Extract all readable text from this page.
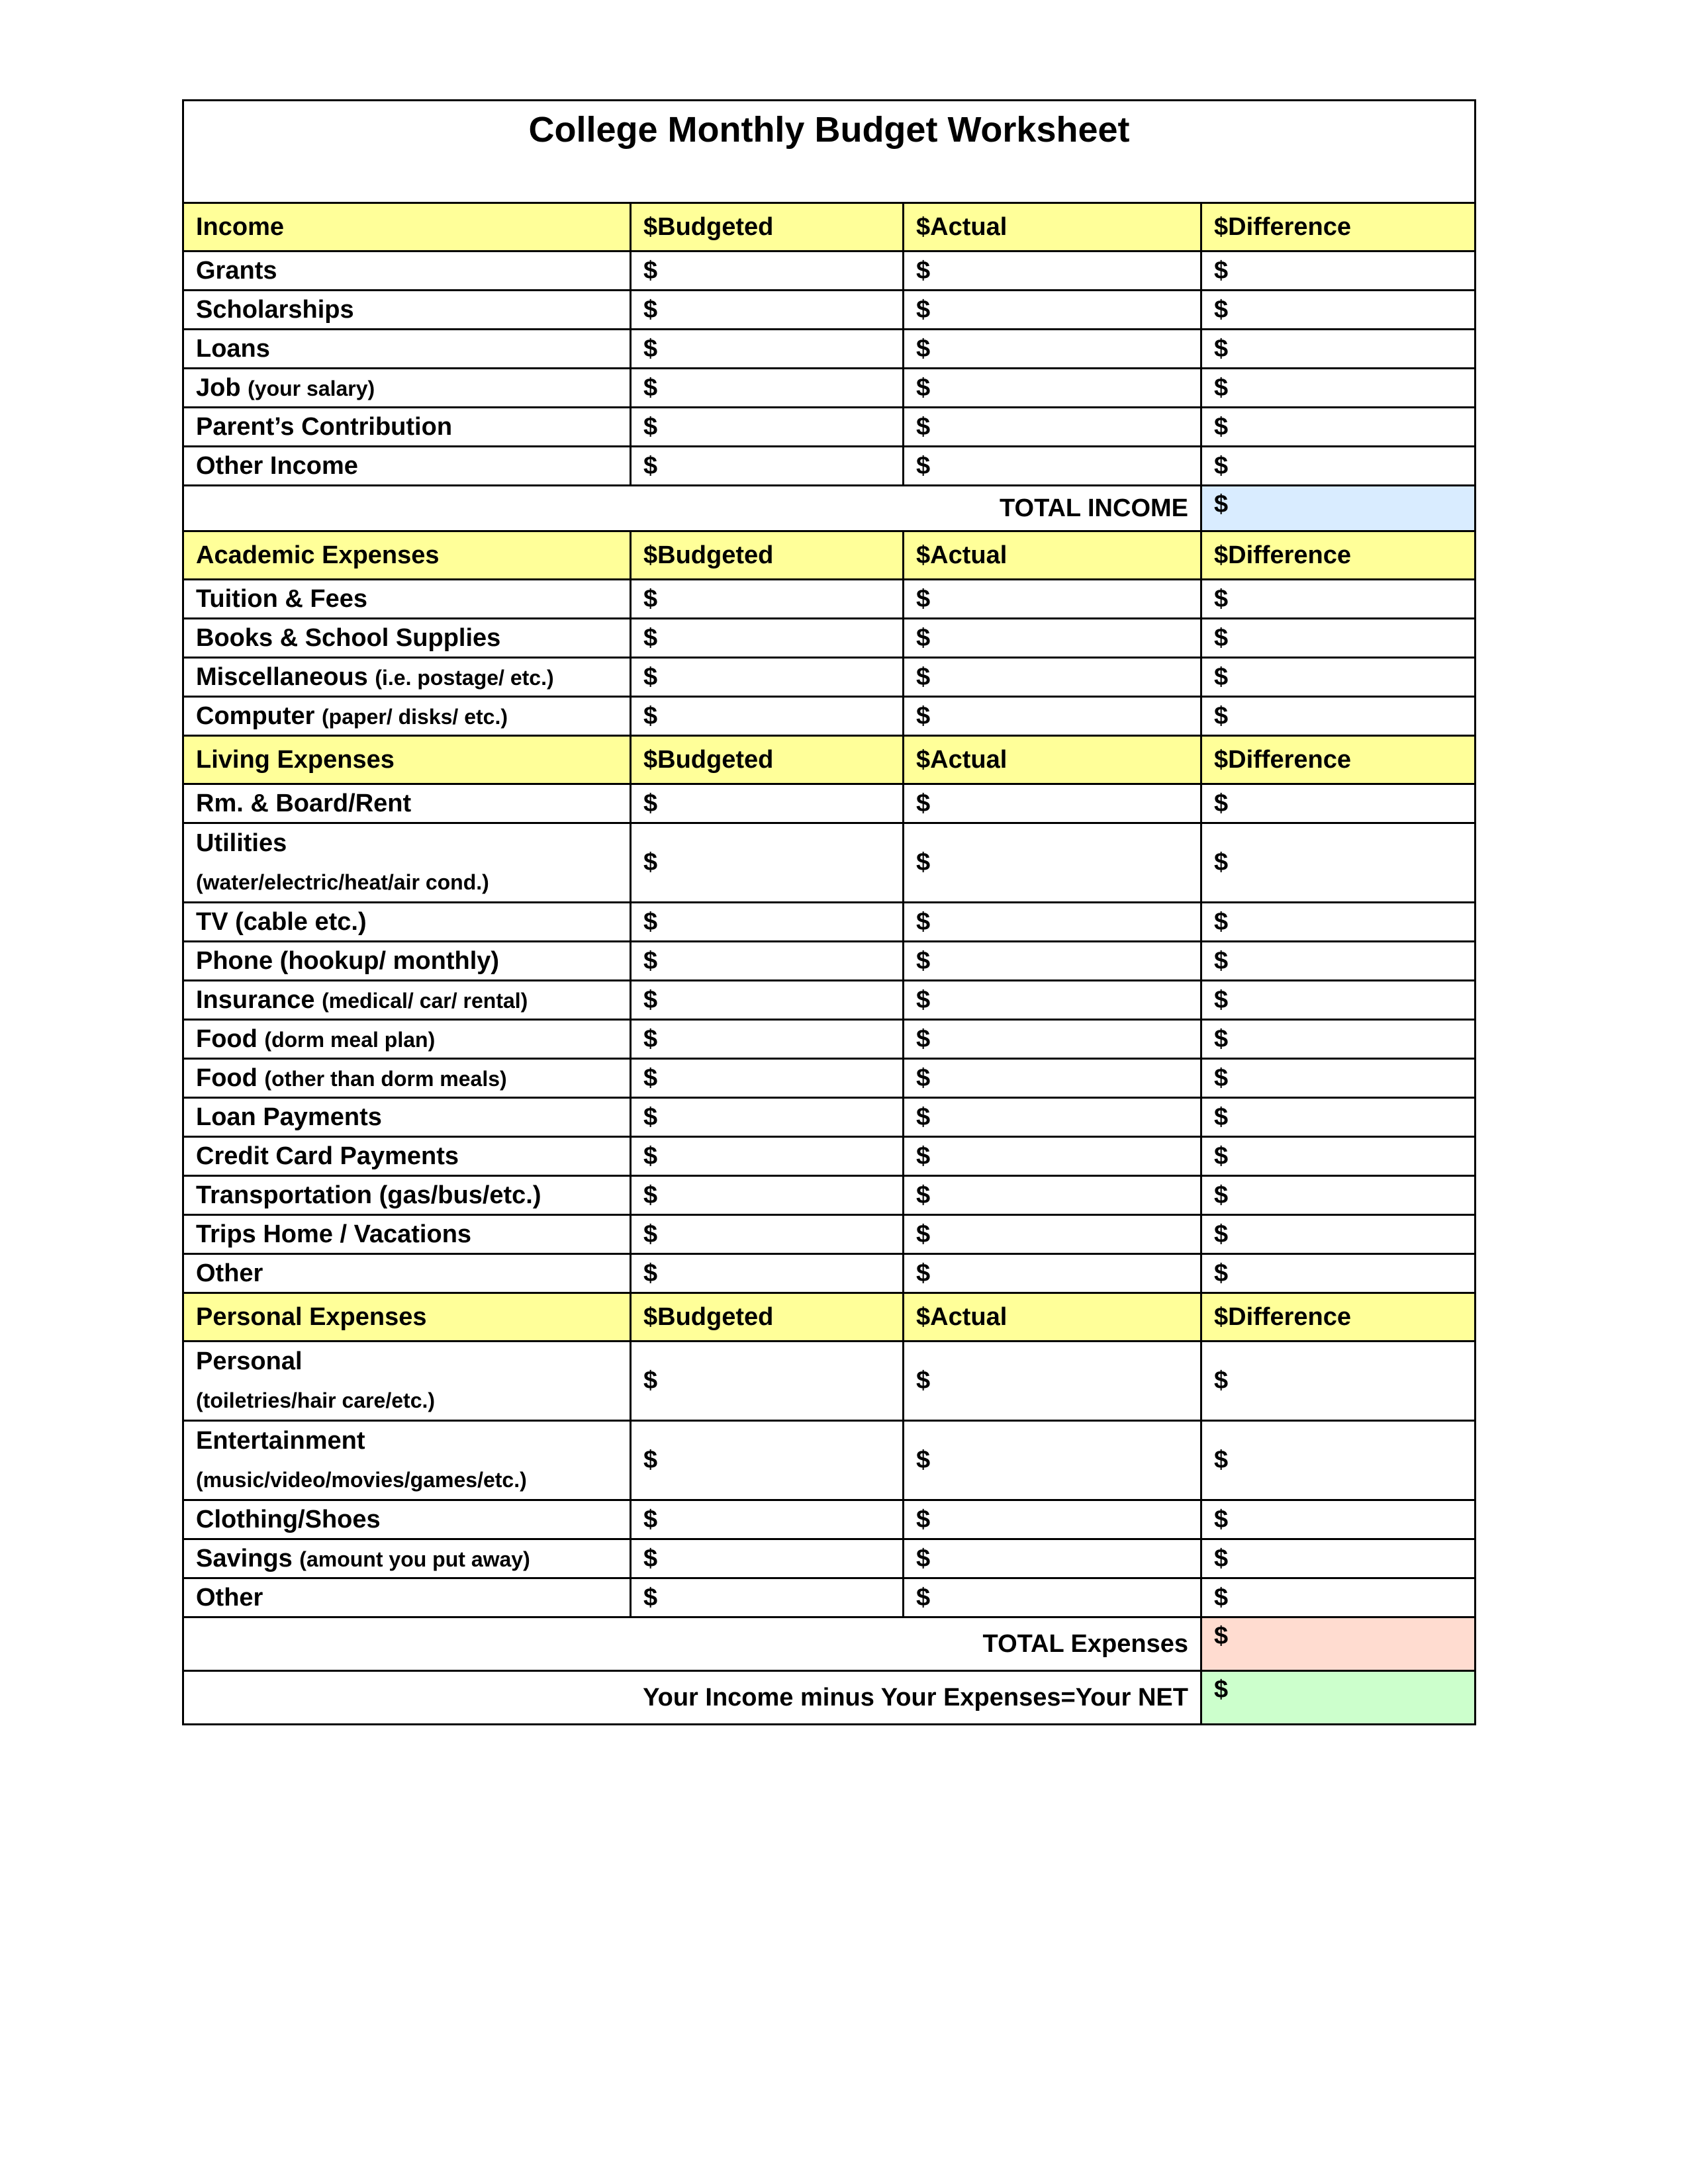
College Monthly Budget Worksheet			
Income	$Budgeted	$Actual	$Difference
Grants	$	$	$
Scholarships	$	$	$
Loans	$	$	$
Job (your salary)	$	$	$
Parent’s Contribution	$	$	$
Other Income	$	$	$
TOTAL INCOME			$
Academic Expenses	$Budgeted	$Actual	$Difference
Tuition & Fees	$	$	$
Books & School Supplies	$	$	$
Miscellaneous (i.e. postage/ etc.)	$	$	$
Computer (paper/ disks/ etc.)	$	$	$
Living Expenses	$Budgeted	$Actual	$Difference
Rm. & Board/Rent	$	$	$
Utilities
(water/electric/heat/air cond.)	$	$	$
TV (cable etc.)	$	$	$
Phone (hookup/ monthly)	$	$	$
Insurance (medical/ car/ rental)	$	$	$
Food (dorm meal plan)	$	$	$
Food (other than dorm meals)	$	$	$
Loan Payments	$	$	$
Credit Card Payments	$	$	$
Transportation (gas/bus/etc.)	$	$	$
Trips Home / Vacations	$	$	$
Other	$	$	$
Personal Expenses	$Budgeted	$Actual	$Difference
Personal
(toiletries/hair care/etc.)	$	$	$
Entertainment
(music/video/movies/games/etc.)	$	$	$
Clothing/Shoes	$	$	$
Savings (amount you put away)	$	$	$
Other	$	$	$
TOTAL Expenses			$
Your Income minus Your Expenses=Your NET			$
